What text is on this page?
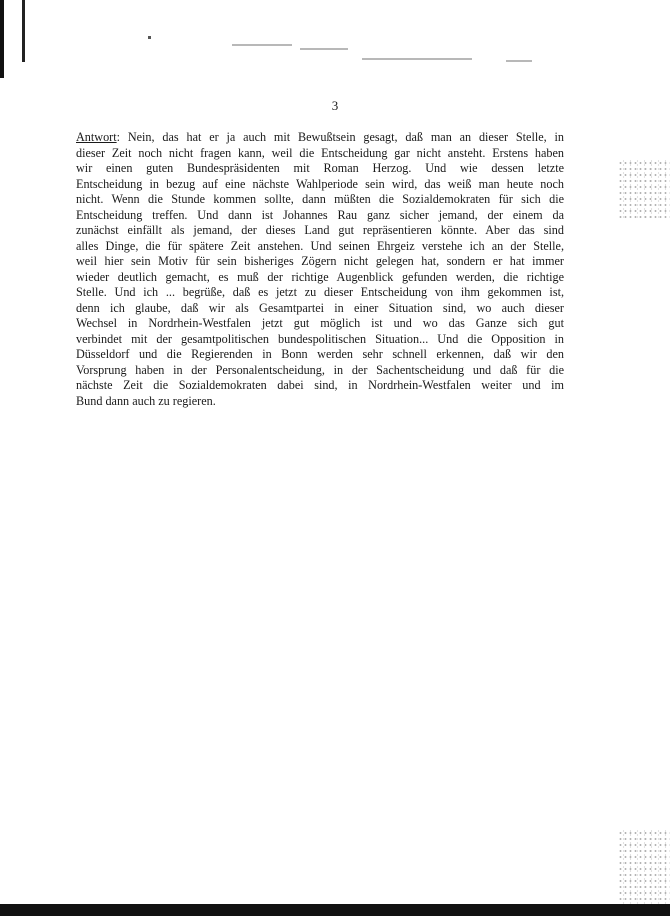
3
Antwort: Nein, das hat er ja auch mit Bewußtsein gesagt, daß man an dieser Stelle, in
dieser Zeit noch nicht fragen kann, weil die Entscheidung gar nicht ansteht. Erstens haben
wir einen guten Bundespräsidenten mit Roman Herzog. Und wie dessen letzte
Entscheidung in bezug auf eine nächste Wahlperiode sein wird, das weiß man heute noch
nicht. Wenn die Stunde kommen sollte, dann müßten die Sozialdemokraten für sich die
Entscheidung treffen. Und dann ist Johannes Rau ganz sicher jemand, der einem da
zunächst einfällt als jemand, der dieses Land gut repräsentieren könnte. Aber das sind
alles Dinge, die für spätere Zeit anstehen. Und seinen Ehrgeiz verstehe ich an der Stelle,
weil hier sein Motiv für sein bisheriges Zögern nicht gelegen hat, sondern er hat immer
wieder deutlich gemacht, es muß der richtige Augenblick gefunden werden, die richtige
Stelle. Und ich ... begrüße, daß es jetzt zu dieser Entscheidung von ihm gekommen ist,
denn ich glaube, daß wir als Gesamtpartei in einer Situation sind, wo auch dieser
Wechsel in Nordrhein-Westfalen jetzt gut möglich ist und wo das Ganze sich gut
verbindet mit der gesamtpolitischen bundespolitischen Situation... Und die Opposition in
Düsseldorf und die Regierenden in Bonn werden sehr schnell erkennen, daß wir den
Vorsprung haben in der Personalentscheidung, in der Sachentscheidung und daß für die
nächste Zeit die Sozialdemokraten dabei sind, in Nordrhein-Westfalen weiter und im
Bund dann auch zu regieren.
